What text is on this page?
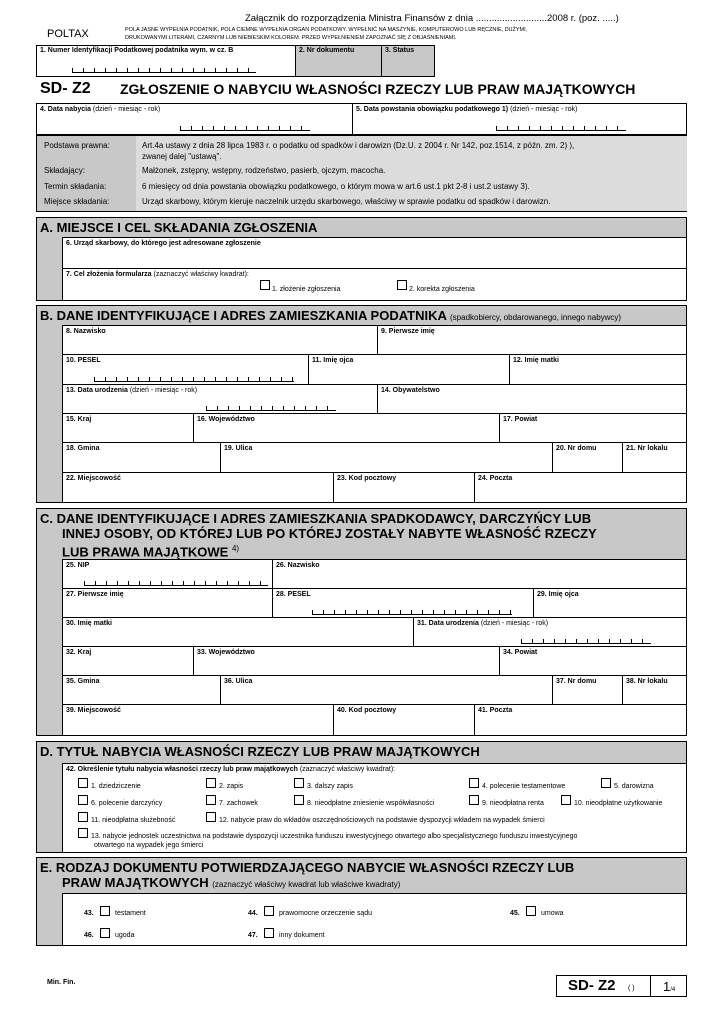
Załącznik do rozporządzenia Ministra Finansów z dnia ...........................2008 r. (poz. .....)
POLTAX	POLA JASNE WYPEŁNIA PODATNIK, POLA CIEMNE WYPEŁNIA ORGAN PODATKOWY. WYPEŁNIĆ NA MASZYNIE, KOMPUTEROWO LUB RĘCZNIE, DUŻYMI,
DRUKOWANYMI LITERAMI, CZARNYM LUB NIEBIESKIM KOLOREM. PRZED WYPEŁNIENIEM ZAPOZNAĆ SIĘ Z OBJAŚNIENIAMI.
1. Numer Identyfikacji Podatkowej podatnika wym. w cz. B	2. Nr dokumentu	3. Status
SD- Z2 ZGŁOSZENIE O NABYCIU WŁASNOŚCI RZECZY LUB PRAW MAJĄTKOWYCH
4. Data nabycia (dzień - miesiąc - rok)	5. Data powstania obowiązku podatkowego 1) (dzień - miesiąc - rok)
Podstawa prawna:	Art.4a ustawy z dnia 28 lipca 1983 r. o podatku od spadków i darowizn (Dz.U. z 2004 r. Nr 142, poz.1514, z późn. zm. 2) ),
zwanej dalej "ustawą".
Składający:	Małżonek, zstępny, wstępny, rodzeństwo, pasierb, ojczym, macocha.
Termin składania:	6 miesięcy od dnia powstania obowiązku podatkowego, o którym mowa w art.6 ust.1 pkt 2-8 i ust.2 ustawy 3).
Miejsce składania:	Urząd skarbowy, którym kieruje naczelnik urzędu skarbowego, właściwy w sprawie podatku od spadków i darowizn.
A. MIEJSCE I CEL SKŁADANIA ZGŁOSZENIA
6. Urząd skarbowy, do którego jest adresowane zgłoszenie
7. Cel złożenia formularza (zaznaczyć właściwy kwadrat):
1. złożenie zgłoszenia	2. korekta zgłoszenia
B. DANE IDENTYFIKUJĄCE I ADRES ZAMIESZKANIA PODATNIKA (spadkobiercy, obdarowanego, innego nabywcy)
8. Nazwisko	9. Pierwsze imię
10. PESEL	11. Imię ojca	12. Imię matki
13. Data urodzenia (dzień - miesiąc - rok)	14. Obywatelstwo
15. Kraj	16. Województwo	17. Powiat
18. Gmina	19. Ulica	20. Nr domu	21. Nr lokalu
22. Miejscowość	23. Kod pocztowy	24. Poczta
C. DANE IDENTYFIKUJĄCE I ADRES ZAMIESZKANIA SPADKODAWCY, DARCZYŃCY LUB
INNEJ OSOBY, OD KTÓREJ LUB PO KTÓREJ ZOSTAŁY NABYTE WŁASNOŚĆ RZECZY
LUB PRAWA MAJĄTKOWE $^{4)}$
25. NIP	26. Nazwisko
27. Pierwsze imię	28. PESEL	29. Imię ojca
30. Imię matki	31. Data urodzenia (dzień - miesiąc - rok)
32. Kraj	33. Województwo	34. Powiat
35. Gmina	36. Ulica	37. Nr domu	38. Nr lokalu
39. Miejscowość	40. Kod pocztowy	41. Poczta
D. TYTUŁ NABYCIA WŁASNOŚCI RZECZY LUB PRAW MAJĄTKOWYCH
42. Określenie tytułu nabycia własności rzeczy lub praw majątkowych (zaznaczyć właściwy kwadrat):
1. dziedziczenie	2. zapis	3. dalszy zapis	4. polecenie testamentowe	5. darowizna
6. polecenie darczyńcy	7. zachowek	8. nieodpłatne zniesienie współwłasności	9. nieodpłatna renta	10. nieodpłatne użytkowanie
11. nieodpłatna służebność	12. nabycie praw do wkładów oszczędnościowych na podstawie dyspozycji wkładem na wypadek śmierci
13. nabycie jednostek uczestnictwa na podstawie dyspozycji uczestnika funduszu inwestycyjnego otwartego albo specjalistycznego funduszu inwestycyjnego
otwartego na wypadek jego śmierci
E. RODZAJ DOKUMENTU POTWIERDZAJĄCEGO NABYCIE WŁASNOŚCI RZECZY LUB
PRAW MAJĄTKOWYCH (zaznaczyć właściwy kwadrat lub właściwe kwadraty)
43.	testament	44.	prawomocne orzeczenie sądu	45.	umowa
46.	ugoda	47.	inny dokument
Min. Fin.	SD- Z2 ( ) 1/4
